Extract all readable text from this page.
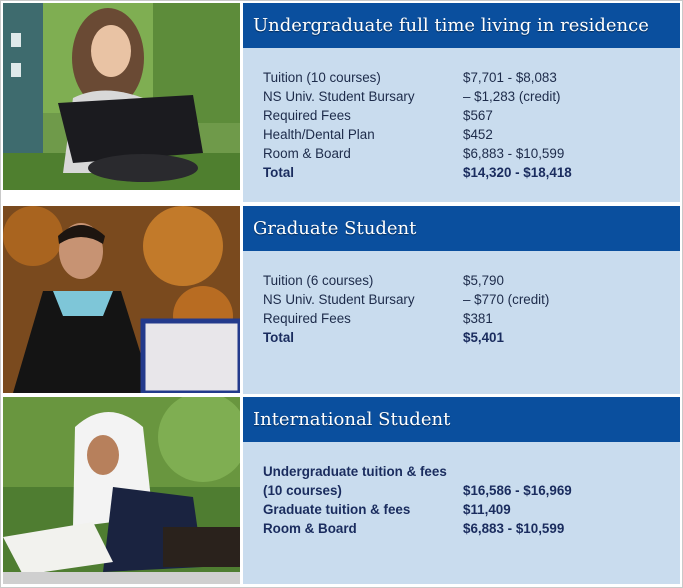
Undergraduate full time living in residence
Tuition (10 courses)	$7,701 - $8,083
NS Univ. Student Bursary	– $1,283 (credit)
Required Fees	$567
Health/Dental Plan	$452
Room & Board	$6,883 - $10,599
Total	$14,320 - $18,418
Graduate Student
Tuition (6 courses)	$5,790
NS Univ. Student Bursary	– $770 (credit)
Required Fees	$381
Total	$5,401
International Student
Undergraduate tuition & fees
(10 courses)	$16,586 - $16,969
Graduate tuition & fees	$11,409
Room & Board	$6,883 - $10,599
